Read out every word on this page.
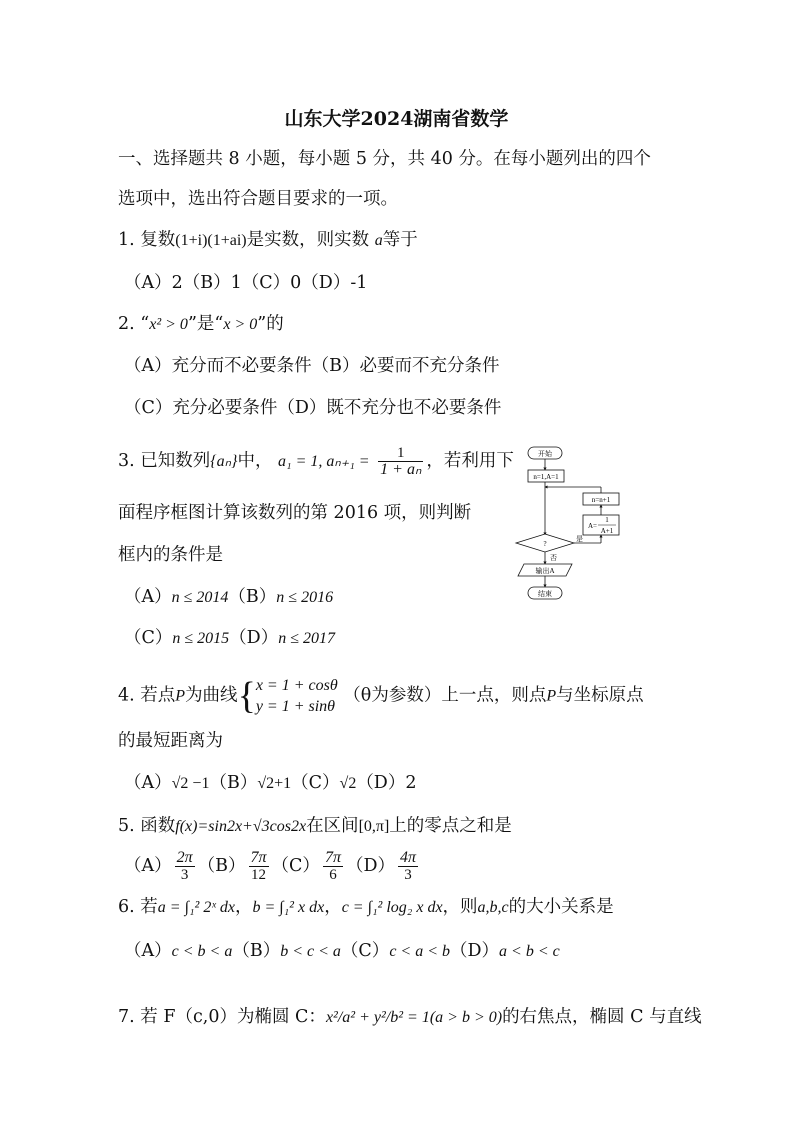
山东大学2024湖南省数学
一、选择题共 8 小题，每小题 5 分，共 40 分。在每小题列出的四个
选项中，选出符合题目要求的一项。
1. 复数(1+i)(1+ai)是实数，则实数 a等于
（A）2（B）1（C）0（D）-1
2. “x² > 0”是“x > 0”的
（A）充分而不必要条件（B）必要而不充分条件
（C）充分必要条件（D）既不充分也不必要条件
3. 已知数列{aₙ}中， a₁ = 1, $a_{n+1} = \frac{1}{\text{1 + aₙ}}$ ，若利用下
面程序框图计算该数列的第 2016 项，则判断
框内的条件是
（A）n ≤ 2014（B）n ≤ 2016
（C）n ≤ 2015（D）n ≤ 2017
开始
n=1,A=1
n=n+1
A=
1
A+1
?
是
否
输出A
结束
4. 若点P为曲线{ x = 1 + cosθ
y = 1 + sinθ
（θ为参数）上一点，则点P与坐标原点
的最短距离为
（A）√2 −1（B）√2+1（C）√2（D）2
5. 函数f(x)=sin2x+√3cos2x在区间[0,π]上的零点之和是
$(A) \frac{2\pi}{3} (B) \frac{7\pi}{12} (C) \frac{7\pi}{6} (D) \frac{4\pi}{3}$
6. 若a = ∫₁² 2ˣ dx，b = ∫₁² x dx，c = ∫₁² log₂ x dx，则a,b,c的大小关系是
（A）c < b < a（B）b < c < a（C）c < a < b（D）a < b < c
7. 若 F（c,0）为椭圆 C：x²/a² + y²/b² = 1(a > b > 0)的右焦点，椭圆 C 与直线
